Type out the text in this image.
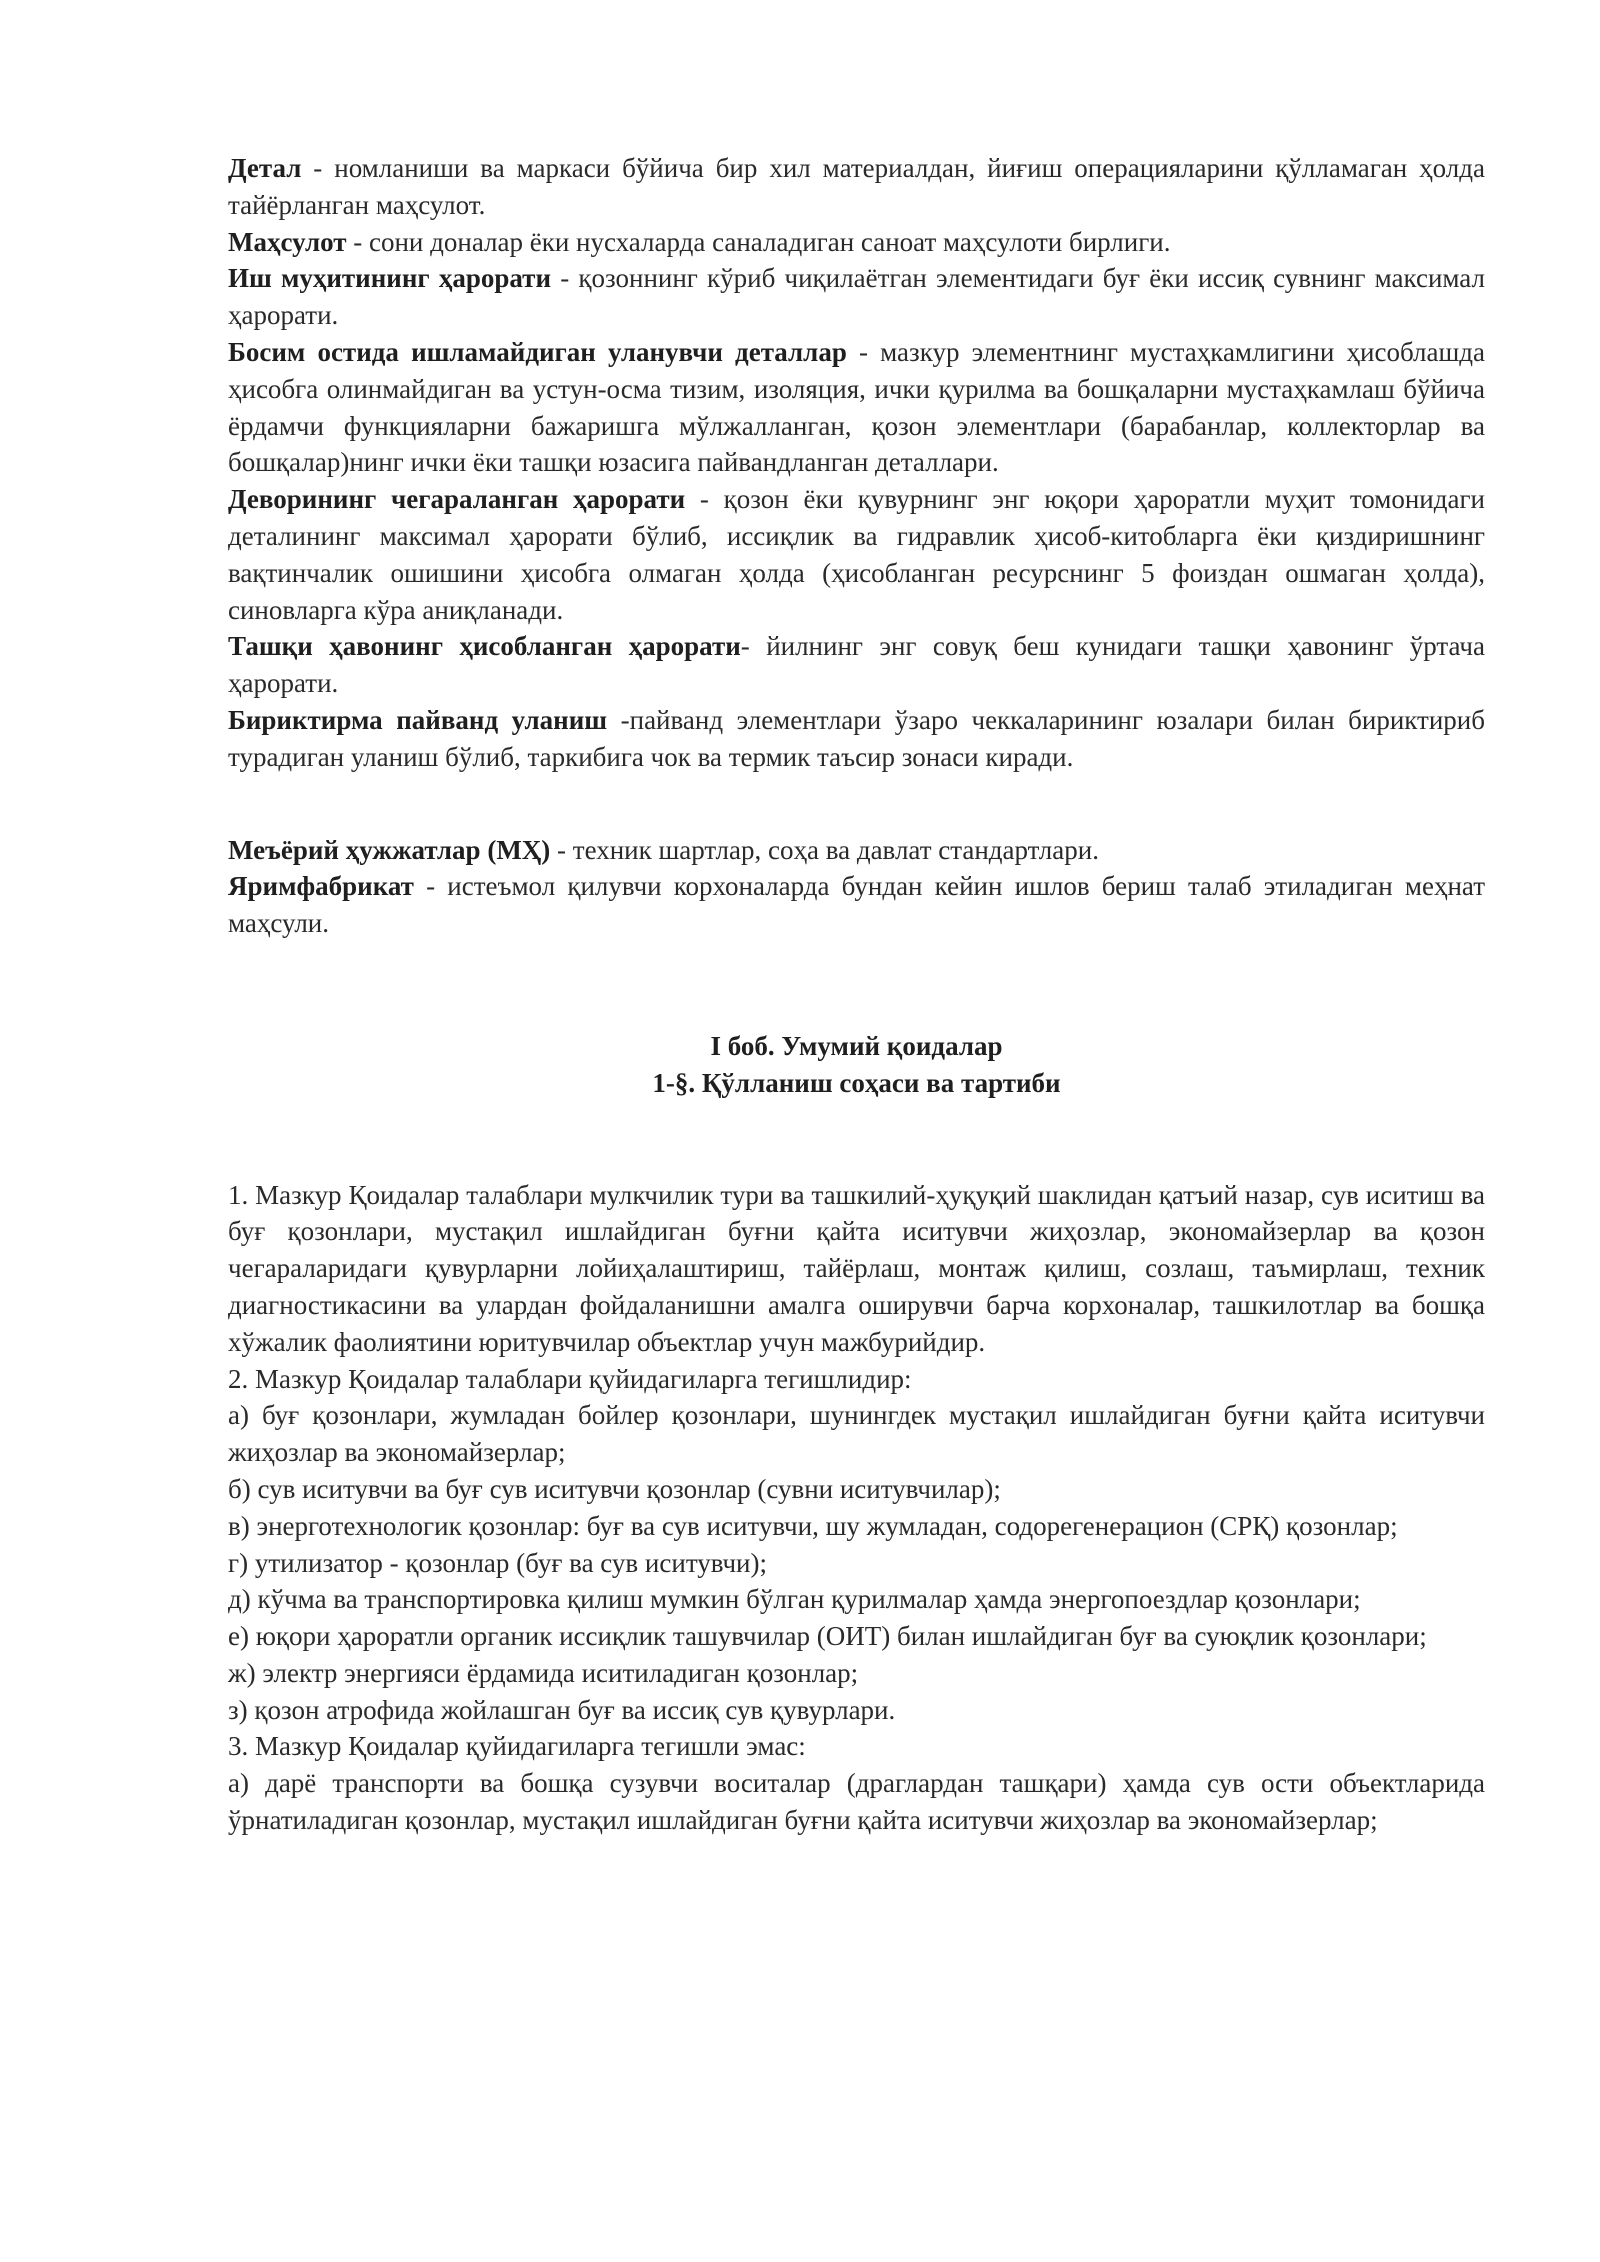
Детал - номланиши ва маркаси бўйича бир хил материалдан, йиғиш операцияларини қўлламаган ҳолда тайёрланган маҳсулот.

Маҳсулот - сони доналар ёки нусхаларда саналадиган саноат маҳсулоти бирлиги.

Иш муҳитининг ҳарорати - қозоннинг кўриб чиқилаётган элементидаги буғ ёки иссиқ сувнинг максимал ҳарорати.

Босим остида ишламайдиган уланувчи деталлар - мазкур элементнинг мустаҳкамлигини ҳисоблашда ҳисобга олинмайдиган ва устун-осма тизим, изоляция, ички қурилма ва бошқаларни мустаҳкамлаш бўйича ёрдамчи функцияларни бажаришга мўлжалланган, қозон элементлари (барабанлар, коллекторлар ва бошқалар)нинг ички ёки ташқи юзасига пайвандланган деталлари.

Деворининг чегараланган ҳарорати - қозон ёки қувурнинг энг юқори ҳароратли муҳит томонидаги деталининг максимал ҳарорати бўлиб, иссиқлик ва гидравлик ҳисоб-китобларга ёки қиздиришнинг вақтинчалик ошишини ҳисобга олмаган ҳолда (ҳисобланган ресурснинг 5 фоиздан ошмаган ҳолда), синовларга кўра аниқланади.

Ташқи ҳавонинг ҳисобланган ҳарорати- йилнинг энг совуқ беш кунидаги ташқи ҳавонинг ўртача ҳарорати.

Бириктирма пайванд уланиш -пайванд элементлари ўзаро чеккаларининг юзалари билан бириктириб турадиган уланиш бўлиб, таркибига чок ва термик таъсир зонаси киради.

Меъёрий ҳужжатлар (МҲ) - техник шартлар, соҳа ва давлат стандартлари.

Яримфабрикат - истеъмол қилувчи корхоналарда бундан кейин ишлов бериш талаб этиладиган меҳнат маҳсули.

I боб. Умумий қоидалар

1-§. Қўлланиш соҳаси ва тартиби

1. Мазкур Қоидалар талаблари мулкчилик тури ва ташкилий-ҳуқуқий шаклидан қатъий назар, сув иситиш ва буғ қозонлари, мустақил ишлайдиган буғни қайта иситувчи жиҳозлар, экономайзерлар ва қозон чегараларидаги қувурларни лойиҳалаштириш, тайёрлаш, монтаж қилиш, созлаш, таъмирлаш, техник диагностикасини ва улардан фойдаланишни амалга оширувчи барча корхоналар, ташкилотлар ва бошқа хўжалик фаолиятини юритувчилар объектлар учун мажбурийдир.

2. Мазкур Қоидалар талаблари қуйидагиларга тегишлидир:

а) буғ қозонлари, жумладан бойлер қозонлари, шунингдек мустақил ишлайдиган буғни қайта иситувчи жиҳозлар ва экономайзерлар;

б) сув иситувчи ва буғ сув иситувчи қозонлар (сувни иситувчилар);

в) энерготехнологик қозонлар: буғ ва сув иситувчи, шу жумладан, содорегенерацион (СРҚ) қозонлар;

г) утилизатор - қозонлар (буғ ва сув иситувчи);

д) кўчма ва транспортировка қилиш мумкин бўлган қурилмалар ҳамда энергопоездлар қозонлари;

е) юқори ҳароратли органик иссиқлик ташувчилар (ОИТ) билан ишлайдиган буғ ва суюқлик қозонлари;

ж) электр энергияси ёрдамида иситиладиган қозонлар;

з) қозон атрофида жойлашган буғ ва иссиқ сув қувурлари.

3. Мазкур Қоидалар қуйидагиларга тегишли эмас:

а) дарё транспорти ва бошқа сузувчи воситалар (драглардан ташқари) ҳамда сув ости объектларида ўрнатиладиган қозонлар, мустақил ишлайдиган буғни қайта иситувчи жиҳозлар ва экономайзерлар;
